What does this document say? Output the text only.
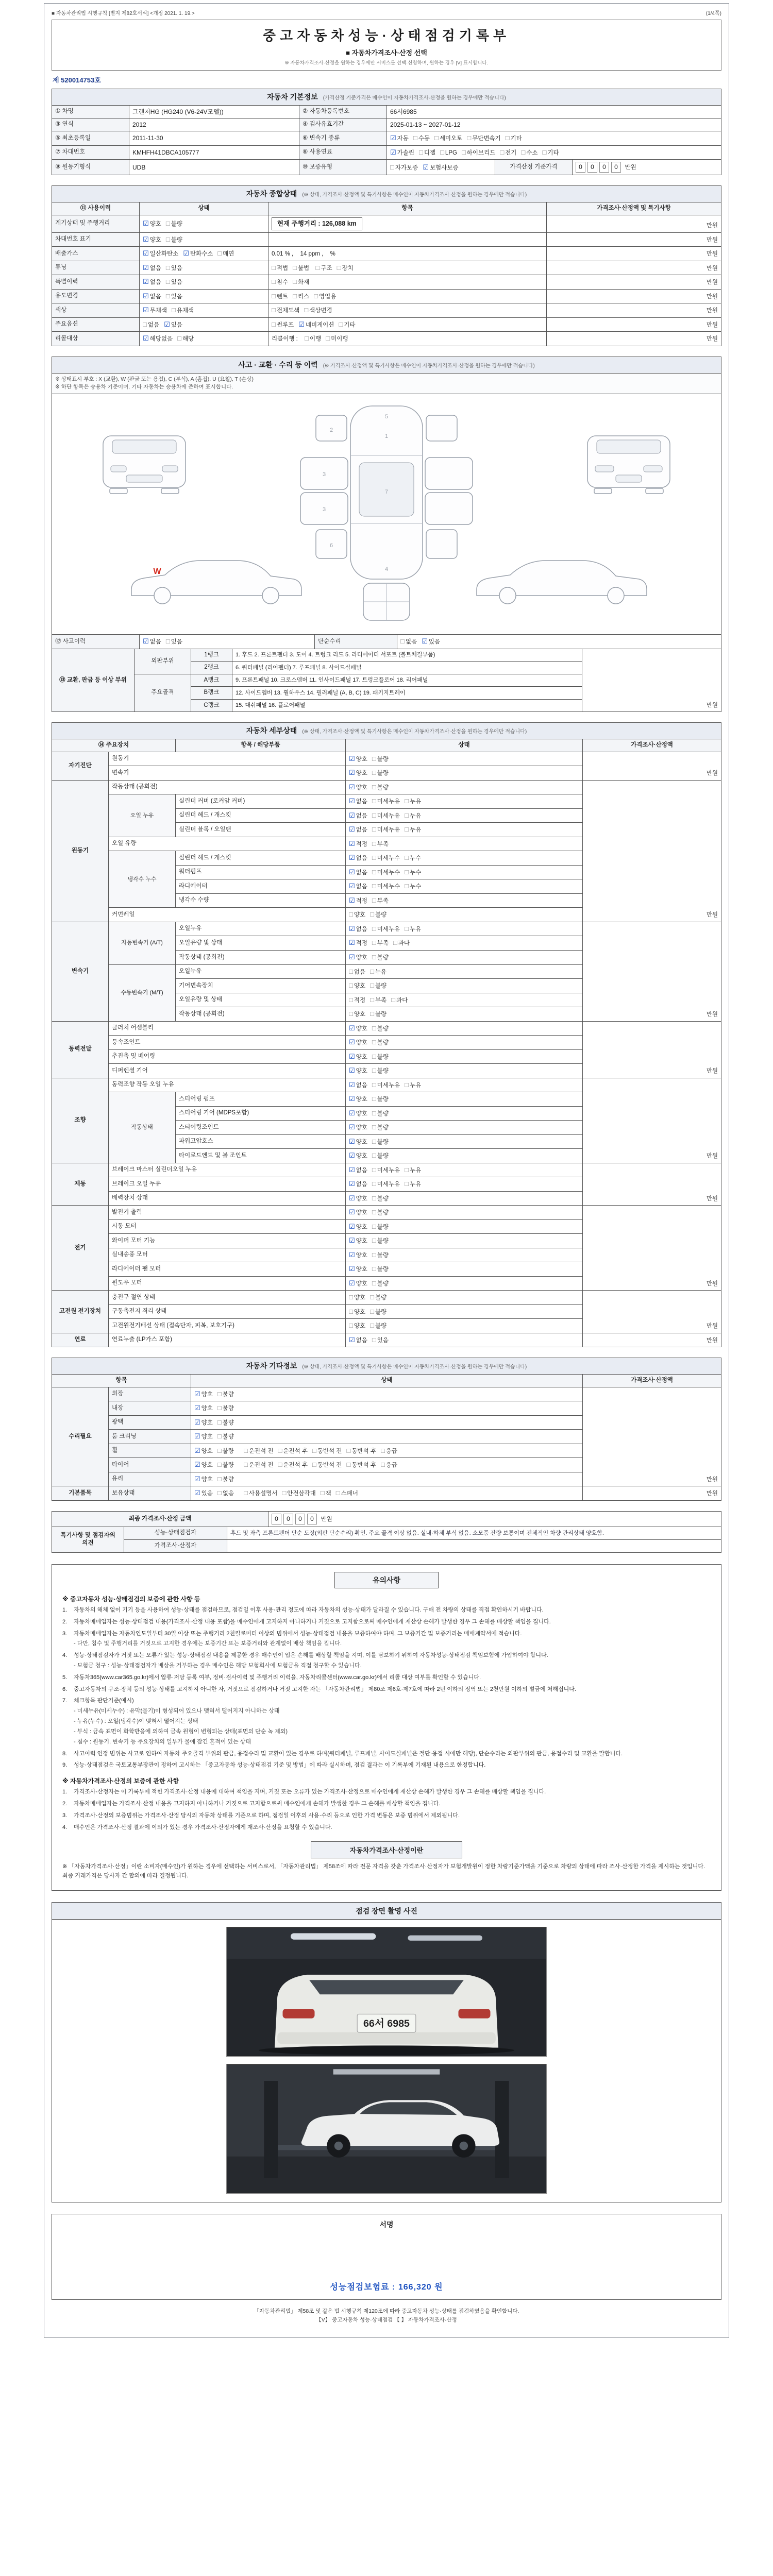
■ 자동차관리법 시행규칙 [별지 제82호서식] <개정 2021. 1. 19.>	(1/4쪽)
중고자동차성능·상태점검기록부
■ 자동차가격조사·산정 선택
※ 자동차가격조사·산정을 원하는 경우에만 서비스를 선택·신청하며, 원하는 경우 [V] 표시합니다.
제 520014753호
자동차 기본정보 (가격산정 기준가격은 매수인이 자동차가격조사·산정을 원하는 경우에만 적습니다)					
① 차명	그랜저HG (HG240 (V6-24V모델))	② 자동차등록번호	66서6985		
③ 연식	2012	④ 검사유효기간	2025-01-13 ~ 2027-01-12		
⑤ 최초등록일	2011-11-30	⑥ 변속기 종류	☑ 자동 □ 수동 □ 세미오토 □ 무단변속기 □ 기타		
⑦ 차대번호	KMHFH41DBCA105777	⑧ 사용연료	☑ 가솔린 □ 디젤 □ LPG □ 하이브리드 □ 전기 □ 수소 □ 기타		
⑨ 원동기형식	UDB	⑩ 보증유형	□ 자가보증 ☑ 보험사보증	가격산정 기준가격	0 0 0 0 만원
자동차 종합상태 (※ 상태, 가격조사·산정액 및 특기사항은 매수인이 자동차가격조사·산정을 원하는 경우에만 적습니다)			
⑪ 사용이력	상태	항목	가격조사·산정액 및 특기사항
계기상태 및 주행거리	☑ 양호 □ 불량	현재 주행거리 : 126,088 km	만원
차대번호 표기	☑ 양호 □ 불량		만원
배출가스	☑ 일산화탄소 ☑ 탄화수소 □ 매연	0.01 % , 14 ppm , %	만원
튜닝	☑ 없음 □ 있음	□ 적법 □ 불법 □ 구조 □ 장치	만원
특별이력	☑ 없음 □ 있음	□ 침수 □ 화재	만원
용도변경	☑ 없음 □ 있음	□ 렌트 □ 리스 □ 영업용	만원
색상	☑ 무채색 □ 유채색	□ 전체도색 □ 색상변경	만원
주요옵션	□ 없음 ☑ 있음	□ 썬루프 ☑ 네비게이션 □ 기타	만원
리콜대상	☑ 해당없음 □ 해당	리콜이행 : □ 이행 □ 미이행	만원
사고 · 교환 · 수리 등 이력 (※ 가격조사·산정액 및 특기사항은 매수인이 자동차가격조사·산정을 원하는 경우에만 적습니다)

※ 상태표시 부호 : X (교환), W (판금 또는 용접), C (부식), A (흠집), U (요철), T (손상)
※ 하단 항목은 승용차 기준이며, 기타 자동차는 승용차에 준하여 표시합니다.

5
1
2
3
3
7
4
6
W

⑫ 사고이력	☑ 없음 □ 있음	단순수리	□ 없음 ☑ 있음
⑬ 교환, 판금 등 이상 부위	외판부위	1랭크	1. 후드 2. 프론트펜더 3. 도어 4. 트렁크 리드 5. 라디에이터 서포트 (볼트체결부품)	만원
		2랭크	6. 쿼터패널 (리어펜더) 7. 루프패널 8. 사이드실패널	
	주요골격	A랭크	9. 프론트패널 10. 크로스멤버 11. 인사이드패널 17. 트렁크플로어 18. 리어패널	
		B랭크	12. 사이드멤버 13. 휠하우스 14. 필러패널 (A, B, C) 19. 패키지트레이	
		C랭크	15. 대쉬패널 16. 플로어패널	
자동차 세부상태 (※ 상태, 가격조사·산정액 및 특기사항은 매수인이 자동차가격조사·산정을 원하는 경우에만 적습니다)				
⑭ 주요장치		항목 / 해당부품	상태	가격조사·산정액
자기진단	원동기		☑ 양호 □ 불량	만원
	변속기		☑ 양호 □ 불량	
원동기	작동상태 (공회전)		☑ 양호 □ 불량	만원
	오일 누유	실린더 커버 (로커암 커버)	☑ 없음 □ 미세누유 □ 누유	
		실린더 헤드 / 개스킷	☑ 없음 □ 미세누유 □ 누유	
		실린더 블록 / 오일팬	☑ 없음 □ 미세누유 □ 누유	
	오일 유량		☑ 적정 □ 부족	
	냉각수 누수	실린더 헤드 / 개스킷	☑ 없음 □ 미세누수 □ 누수	
		워터펌프	☑ 없음 □ 미세누수 □ 누수	
		라디에이터	☑ 없음 □ 미세누수 □ 누수	
		냉각수 수량	☑ 적정 □ 부족	
	커먼레일		□ 양호 □ 불량	
변속기	자동변속기 (A/T)	오일누유	☑ 없음 □ 미세누유 □ 누유	만원
		오일유량 및 상태	☑ 적정 □ 부족 □ 과다	
		작동상태 (공회전)	☑ 양호 □ 불량	
	수동변속기 (M/T)	오일누유	□ 없음 □ 누유	
		기어변속장치	□ 양호 □ 불량	
		오일유량 및 상태	□ 적정 □ 부족 □ 과다	
		작동상태 (공회전)	□ 양호 □ 불량	
동력전달	클러치 어셈블리		☑ 양호 □ 불량	만원
	등속조인트		☑ 양호 □ 불량	
	추진축 및 베어링		☑ 양호 □ 불량	
	디퍼렌셜 기어		☑ 양호 □ 불량	
조향	동력조향 작동 오일 누유		☑ 없음 □ 미세누유 □ 누유	만원
	작동상태	스티어링 펌프	☑ 양호 □ 불량	
		스티어링 기어 (MDPS포함)	☑ 양호 □ 불량	
		스티어링조인트	☑ 양호 □ 불량	
		파워고압호스	☑ 양호 □ 불량	
		타이로드엔드 및 볼 조인트	☑ 양호 □ 불량	
제동	브레이크 마스터 실린더오일 누유		☑ 없음 □ 미세누유 □ 누유	만원
	브레이크 오일 누유		☑ 없음 □ 미세누유 □ 누유	
	배력장치 상태		☑ 양호 □ 불량	
전기	발전기 출력		☑ 양호 □ 불량	만원
	시동 모터		☑ 양호 □ 불량	
	와이퍼 모터 기능		☑ 양호 □ 불량	
	실내송풍 모터		☑ 양호 □ 불량	
	라디에이터 팬 모터		☑ 양호 □ 불량	
	윈도우 모터		☑ 양호 □ 불량	
고전원 전기장치	충전구 절연 상태		□ 양호 □ 불량	만원
	구동축전지 격리 상태		□ 양호 □ 불량	
	고전원전기배선 상태 (접속단자, 피복, 보호기구)		□ 양호 □ 불량	
연료	연료누출 (LP가스 포함)		☑ 없음 □ 있음	만원
자동차 기타정보 (※ 상태, 가격조사·산정액 및 특기사항은 매수인이 자동차가격조사·산정을 원하는 경우에만 적습니다)			
항목		상태	가격조사·산정액
수리필요	외장	☑ 양호 □ 불량	만원
	내장	☑ 양호 □ 불량	
	광택	☑ 양호 □ 불량	
	룸 크리닝	☑ 양호 □ 불량	
	휠	☑ 양호 □ 불량 □ 운전석 전 □ 운전석 후 □ 동반석 전 □ 동반석 후 □ 응급	
	타이어	☑ 양호 □ 불량 □ 운전석 전 □ 운전석 후 □ 동반석 전 □ 동반석 후 □ 응급	
	유리	☑ 양호 □ 불량	
기본품목	보유상태	☑ 있음 □ 없음 □ 사용설명서 □ 안전삼각대 □ 잭 □ 스패너	만원
최종 가격조사·산정 금액	0 0 0 0 만원
특기사항 및 점검자의 의견	성능·상태점검자	후드 및 좌측 프론트펜더 단순 도장(외판 단순수리) 확인. 주요 골격 이상 없음. 실내·하체 부식 없음. 소모품 잔량 보통이며 전체적인 차량 관리상태 양호함.
	가격조사·산정자	
유의사항
※ 중고자동차 성능·상태점검의 보증에 관한 사항 등
1.	자동차의 해체 없이 기기 등을 사용하여 성능·상태를 점검하므로, 점검일 이후 사용·관리 정도에 따라 자동차의 성능·상태가 달라질 수 있습니다. 구매 전 차량의 상태를 직접 확인하시기 바랍니다.
2.	자동차매매업자는 성능·상태점검 내용(가격조사·산정 내용 포함)을 매수인에게 고지하지 아니하거나 거짓으로 고지함으로써 매수인에게 재산상 손해가 발생한 경우 그 손해를 배상할 책임을 집니다.
3.	자동차매매업자는 자동차인도일부터 30일 이상 또는 주행거리 2천킬로미터 이상의 범위에서 성능·상태점검 내용을 보증하여야 하며, 그 보증기간 및 보증거리는 매매계약서에 적습니다.
- 다만, 침수 및 주행거리를 거짓으로 고지한 경우에는 보증기간 또는 보증거리와 관계없이 배상 책임을 집니다.
4.	성능·상태점검자가 거짓 또는 오류가 있는 성능·상태점검 내용을 제공한 경우 매수인이 입은 손해를 배상할 책임을 지며, 이를 담보하기 위하여 자동차성능·상태점검 책임보험에 가입하여야 합니다.
- 보험금 청구 : 성능·상태점검자가 배상을 거부하는 경우 매수인은 해당 보험회사에 보험금을 직접 청구할 수 있습니다.
5.	자동차365(www.car365.go.kr)에서 압류·저당 등록 여부, 정비·검사이력 및 주행거리 이력을, 자동차리콜센터(www.car.go.kr)에서 리콜 대상 여부를 확인할 수 있습니다.
6.	중고자동차의 구조·장치 등의 성능·상태를 고지하지 아니한 자, 거짓으로 점검하거나 거짓 고지한 자는 「자동차관리법」 제80조 제6호·제7호에 따라 2년 이하의 징역 또는 2천만원 이하의 벌금에 처해집니다.
7.	체크항목 판단기준(예시)
- 미세누유(미세누수) : 유막(물기)이 형성되어 있으나 맺혀서 떨어지지 아니하는 상태
- 누유(누수) : 오일(냉각수)이 맺혀서 떨어지는 상태
- 부식 : 금속 표면이 화학반응에 의하여 금속 원형이 변형되는 상태(표면의 단순 녹 제외)
- 침수 : 원동기, 변속기 등 주요장치의 일부가 물에 잠긴 흔적이 있는 상태
8.	사고이력 인정 범위는 사고로 인하여 자동차 주요골격 부위의 판금, 용접수리 및 교환이 있는 경우로 하며(쿼터패널, 루프패널, 사이드실패널은 절단·용접 시에만 해당), 단순수리는 외판부위의 판금, 용접수리 및 교환을 말합니다.
9.	성능·상태점검은 국토교통부장관이 정하여 고시하는 「중고자동차 성능·상태점검 기준 및 방법」에 따라 실시하며, 점검 결과는 이 기록부에 기재된 내용으로 한정합니다.
※ 자동차가격조사·산정의 보증에 관한 사항
1.	가격조사·산정자는 이 기록부에 적힌 가격조사·산정 내용에 대하여 책임을 지며, 거짓 또는 오류가 있는 가격조사·산정으로 매수인에게 재산상 손해가 발생한 경우 그 손해를 배상할 책임을 집니다.
2.	자동차매매업자는 가격조사·산정 내용을 고지하지 아니하거나 거짓으로 고지함으로써 매수인에게 손해가 발생한 경우 그 손해를 배상할 책임을 집니다.
3.	가격조사·산정의 보증범위는 가격조사·산정 당시의 자동차 상태를 기준으로 하며, 점검일 이후의 사용·수리 등으로 인한 가격 변동은 보증 범위에서 제외됩니다.
4.	매수인은 가격조사·산정 결과에 이의가 있는 경우 가격조사·산정자에게 재조사·산정을 요청할 수 있습니다.
자동차가격조사·산정이란
※ 「자동차가격조사·산정」이란 소비자(매수인)가 원하는 경우에 선택하는 서비스로서, 「자동차관리법」 제58조에 따라 전문 자격을 갖춘 가격조사·산정자가 보험개발원이 정한 차량기준가액을 기준으로 차량의 상태에 따라 조사·산정한 가격을 제시하는 것입니다. 최종 거래가격은 당사자 간 합의에 따라 결정됩니다.
점검 장면 촬영 사진
66서 6985
서명
성능점검보험료 : 166,320 원
「자동차관리법」 제58조 및 같은 법 시행규칙 제120조에 따라 중고자동차 성능·상태를 점검하였음을 확인합니다.
【V】 중고자동차 성능·상태점검 【 】 자동차가격조사·산정
